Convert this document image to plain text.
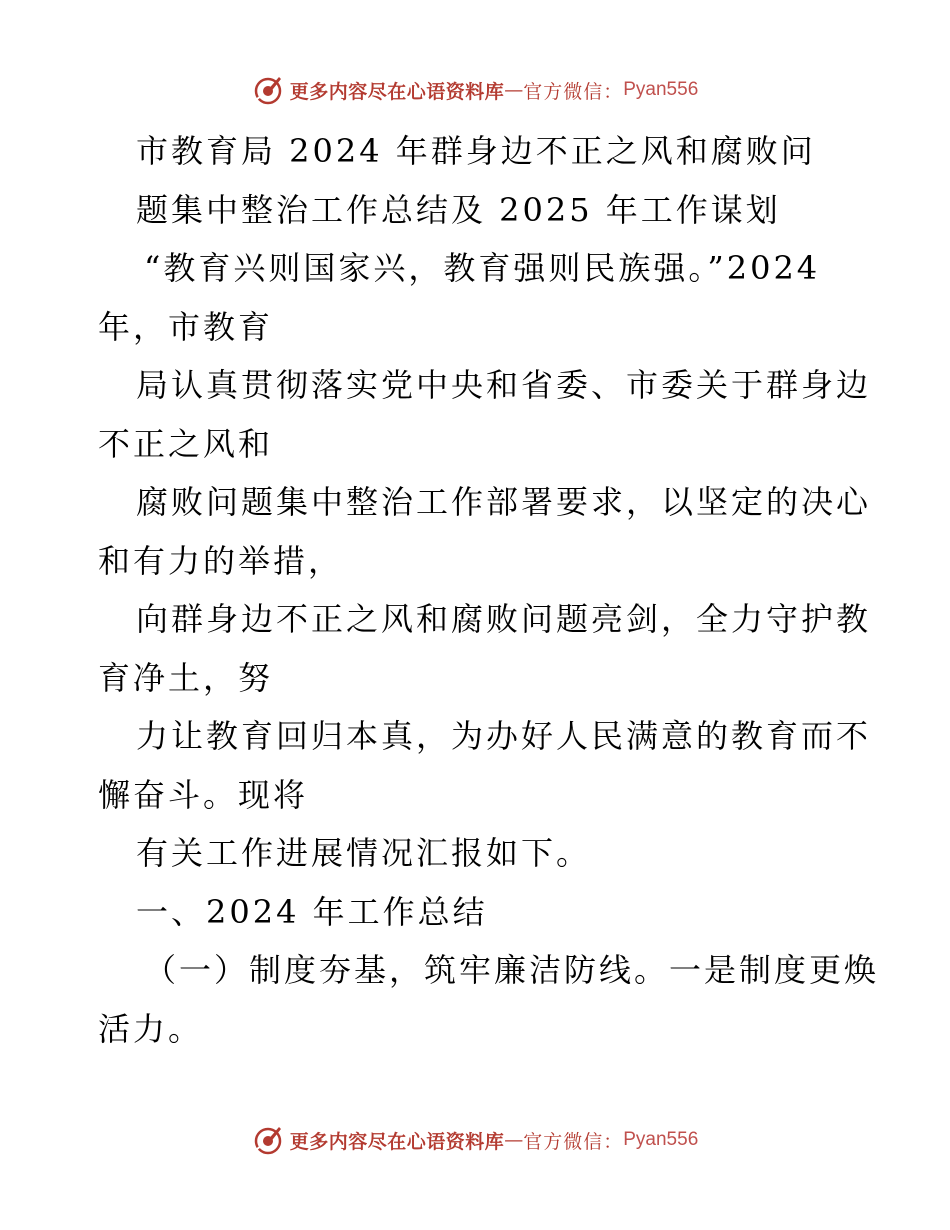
更多内容尽在心语资料库 — 官方微信： Pyan556
市教育局 2024 年群身边不正之风和腐败问
题集中整治工作总结及 2025 年工作谋划
“教育兴则国家兴，教育强则民族强。”2024
年，市教育
局认真贯彻落实党中央和省委、市委关于群身边
不正之风和
腐败问题集中整治工作部署要求，以坚定的决心
和有力的举措，
向群身边不正之风和腐败问题亮剑，全力守护教
育净土，努
力让教育回归本真，为办好人民满意的教育而不
懈奋斗。现将
有关工作进展情况汇报如下。
一、2024 年工作总结
（一）制度夯基，筑牢廉洁防线。一是制度更焕
活力。
更多内容尽在心语资料库 — 官方微信： Pyan556
